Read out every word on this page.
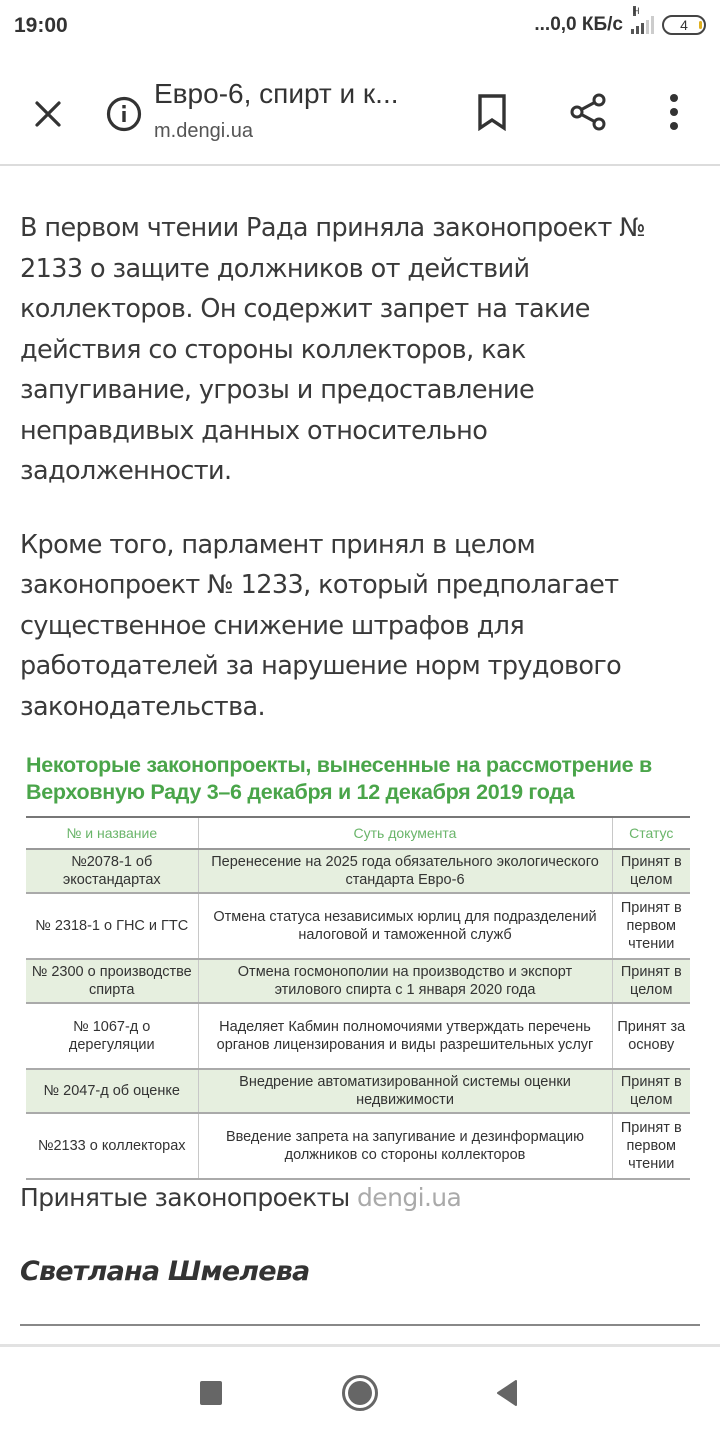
19:00	...0,0 КБ/с
H
4
Евро-6, спирт и к...
m.dengi.ua

В первом чтении Рада приняла законопроект № 2133 о защите должников от действий коллекторов. Он содержит запрет на такие действия со стороны коллекторов, как запугивание, угрозы и предоставление неправдивых данных относительно задолженности.

Кроме того, парламент принял в целом законопроект № 1233, который предполагает существенное снижение штрафов для работодателей за нарушение норм трудового законодательства.

Некоторые законопроекты, вынесенные на рассмотрение в Верховную Раду 3–6 декабря и 12 декабря 2019 года
№ и название	Суть документа	Статус
№2078-1 об экостандартах	Перенесение на 2025 года обязательного экологического стандарта Евро-6	Принят в целом
№ 2318-1 о ГНС и ГТС	Отмена статуса независимых юрлиц для подразделений налоговой и таможенной служб	Принят в первом чтении
№ 2300 о производстве спирта	Отмена госмонополии на производство и экспорт этилового спирта с 1 января 2020 года	Принят в целом
№ 1067-д о дерегуляции	Наделяет Кабмин полномочиями утверждать перечень органов лицензирования и виды разрешительных услуг	Принят за основу
№ 2047-д об оценке	Внедрение автоматизированной системы оценки недвижимости	Принят в целом
№2133 о коллекторах	Введение запрета на запугивание и дезинформацию должников со стороны коллекторов	Принят в первом чтении
Принятые законопроекты dengi.ua
Светлана Шмелева
